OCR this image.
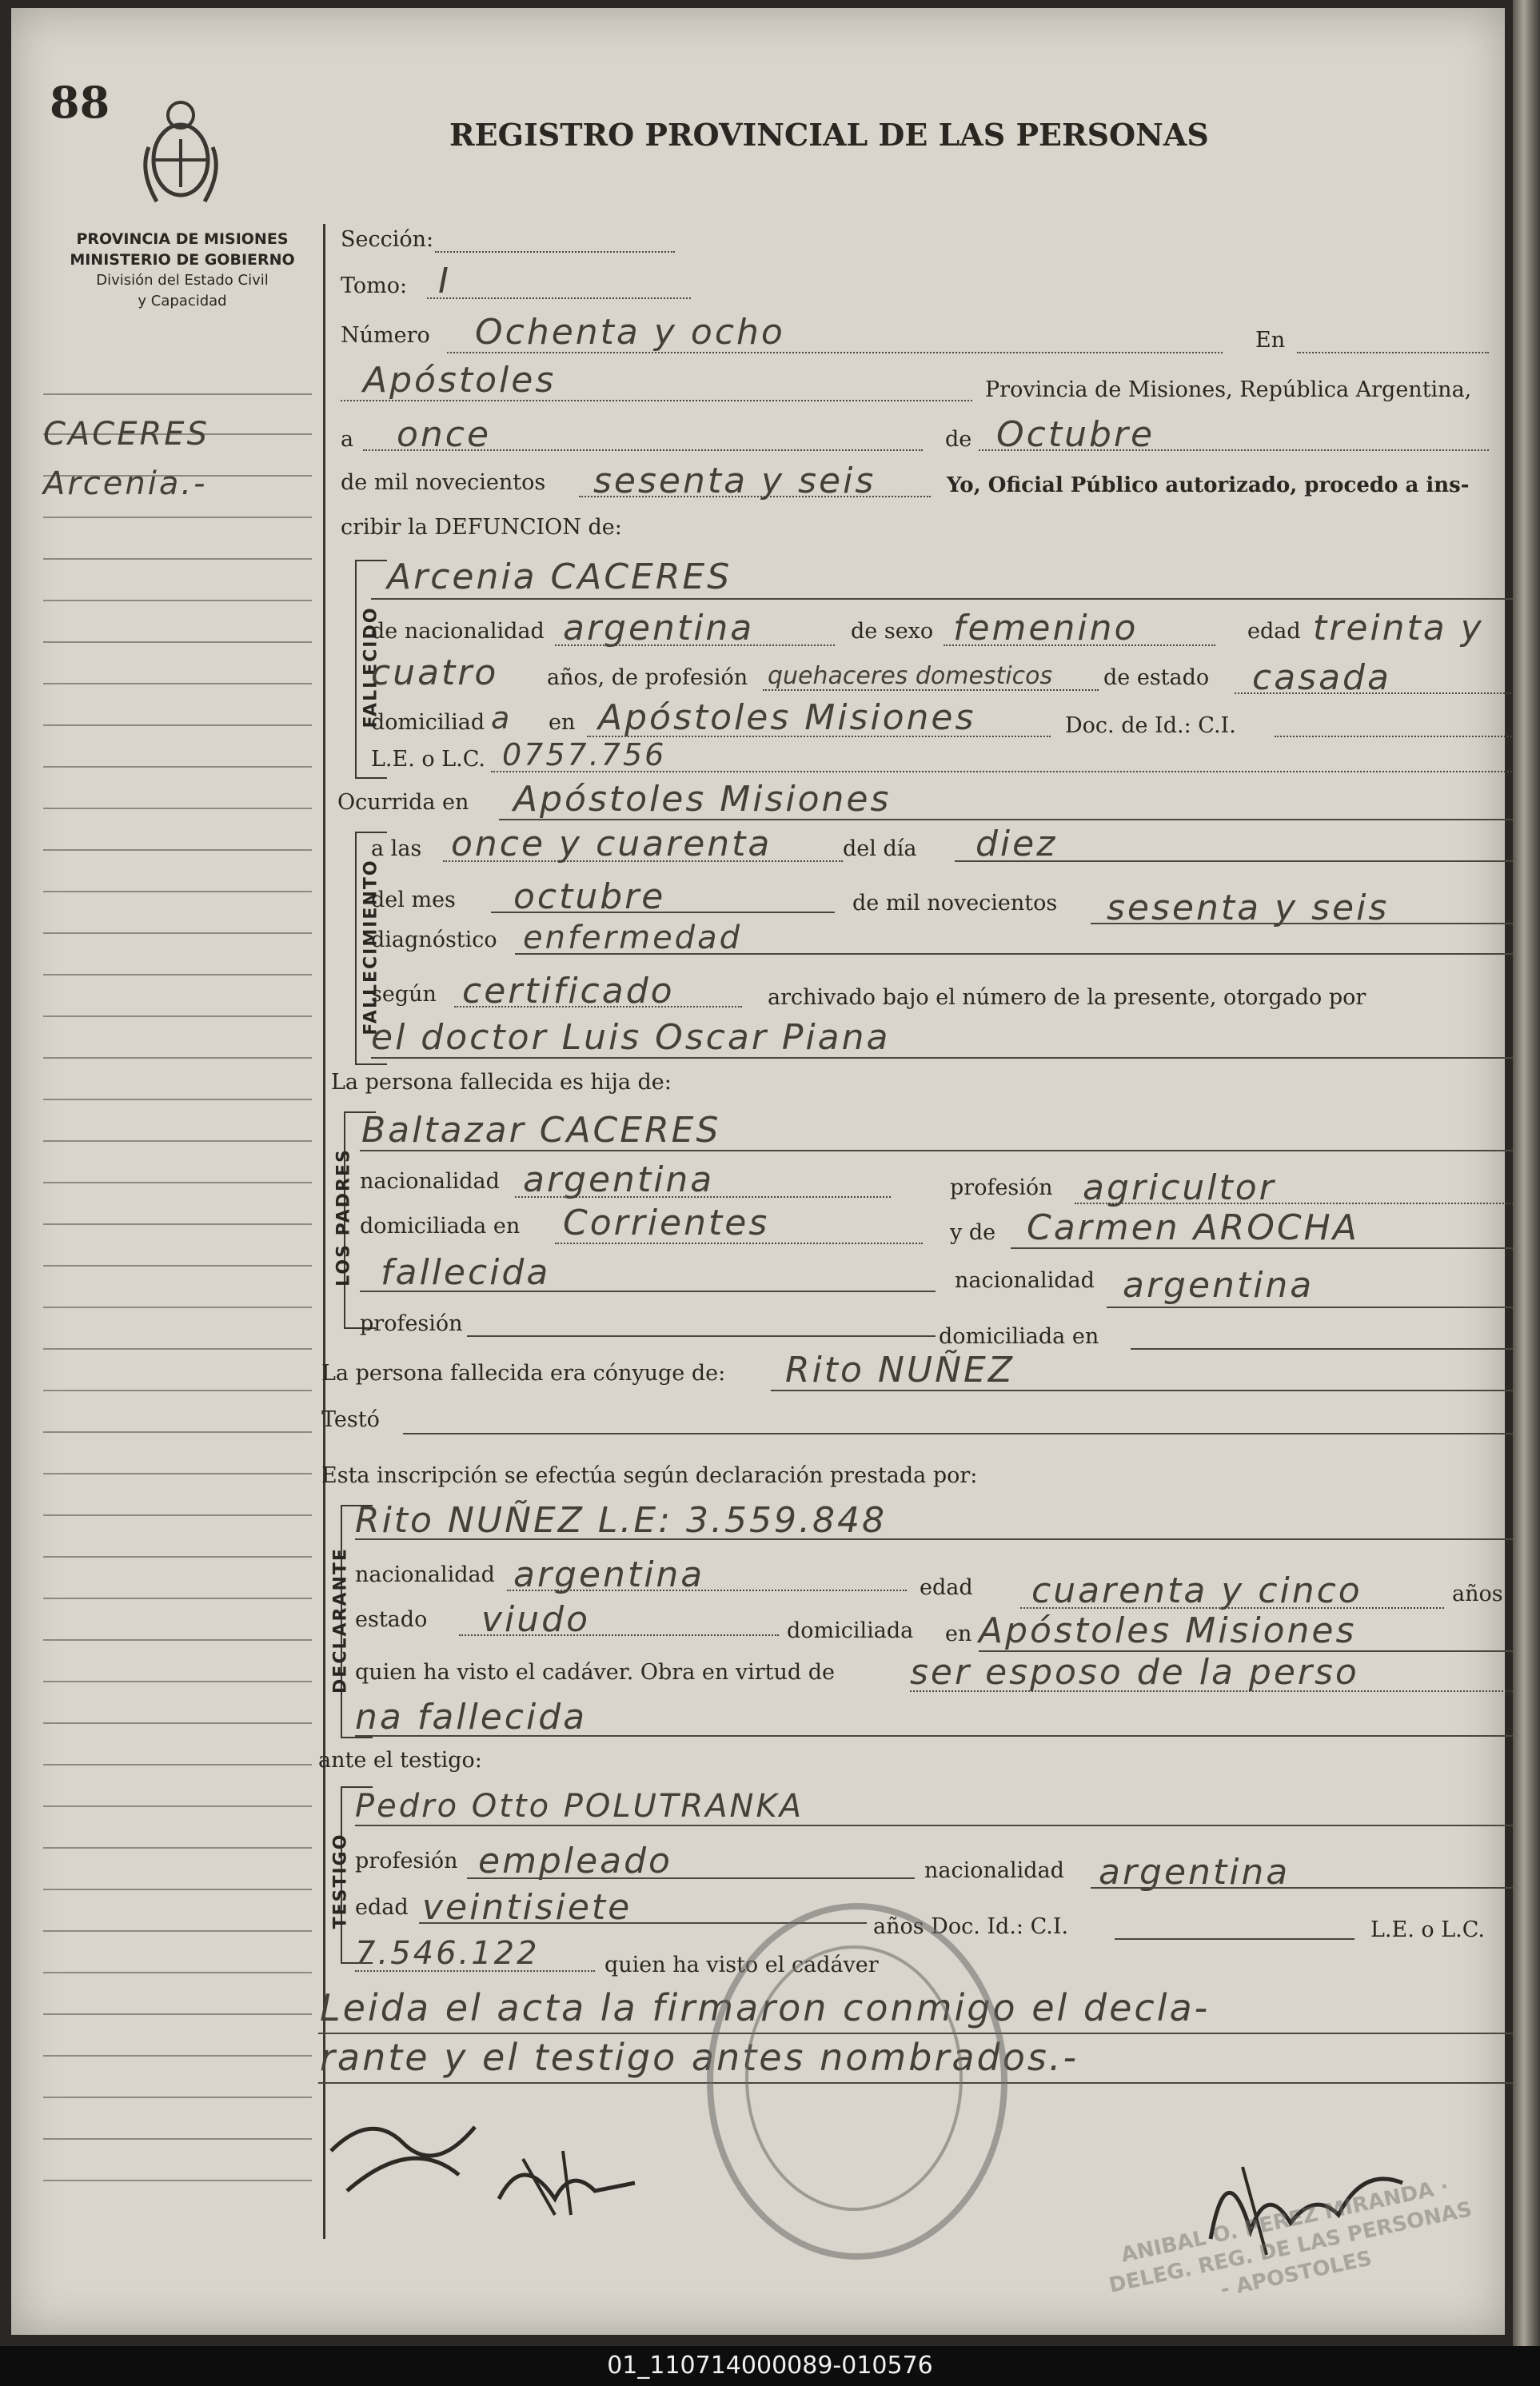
88
REGISTRO PROVINCIAL DE LAS PERSONAS
PROVINCIA DE MISIONES
MINISTERIO DE GOBIERNO
División del Estado Civil
y Capacidad
CACERES
Arcenia.-
Sección:
Tomo: I
Número Ochenta y ocho	En
Apóstoles	Provincia de Misiones, República Argentina,
a once	de Octubre
de mil novecientos sesenta y seis	Yo, Oficial Público autorizado, procedo a ins-
cribir la DEFUNCION de:
FALLECIDO
Arcenia CACERES
de nacionalidad argentina	de sexo femenino	edad treinta y
cuatro años, de profesión quehaceres domesticos de estado casada
domiciliad a en Apóstoles Misiones	Doc. de Id.: C.I.
L.E. o L.C. 0757.756
Ocurrida en Apóstoles Misiones
FALLECIMIENTO
a las once y cuarenta	del día diez
del mes octubre	de mil novecientos sesenta y seis
diagnóstico enfermedad
según certificado	archivado bajo el número de la presente, otorgado por
el doctor Luis Oscar Piana
La persona fallecida es hija de:
LOS PADRES
Baltazar CACERES
nacionalidad argentina	profesión agricultor
domiciliada en Corrientes	y de Carmen AROCHA
fallecida	nacionalidad argentina
profesión
domiciliada en
La persona fallecida era cónyuge de: Rito NUÑEZ
Testó
Esta inscripción se efectúa según declaración prestada por:
DECLARANTE
Rito NUÑEZ L.E: 3.559.848
nacionalidad argentina	edad cuarenta y cinco	años
estado viudo	domiciliada en Apóstoles Misiones
quien ha visto el cadáver. Obra en virtud de ser esposo de la perso
na fallecida
ante el testigo:
TESTIGO
Pedro Otto POLUTRANKA
profesión empleado	nacionalidad argentina
edad veintisiete	años Doc. Id.: C.I.	L.E. o L.C.
7.546.122	quien ha visto el cadáver
Leida el acta la firmaron conmigo el decla-
rante y el testigo antes nombrados.-
ANIBAL O. PEREZ MIRANDA · DELEG. REG. DE LAS PERSONAS - APOSTOLES
01_110714000089-010576
